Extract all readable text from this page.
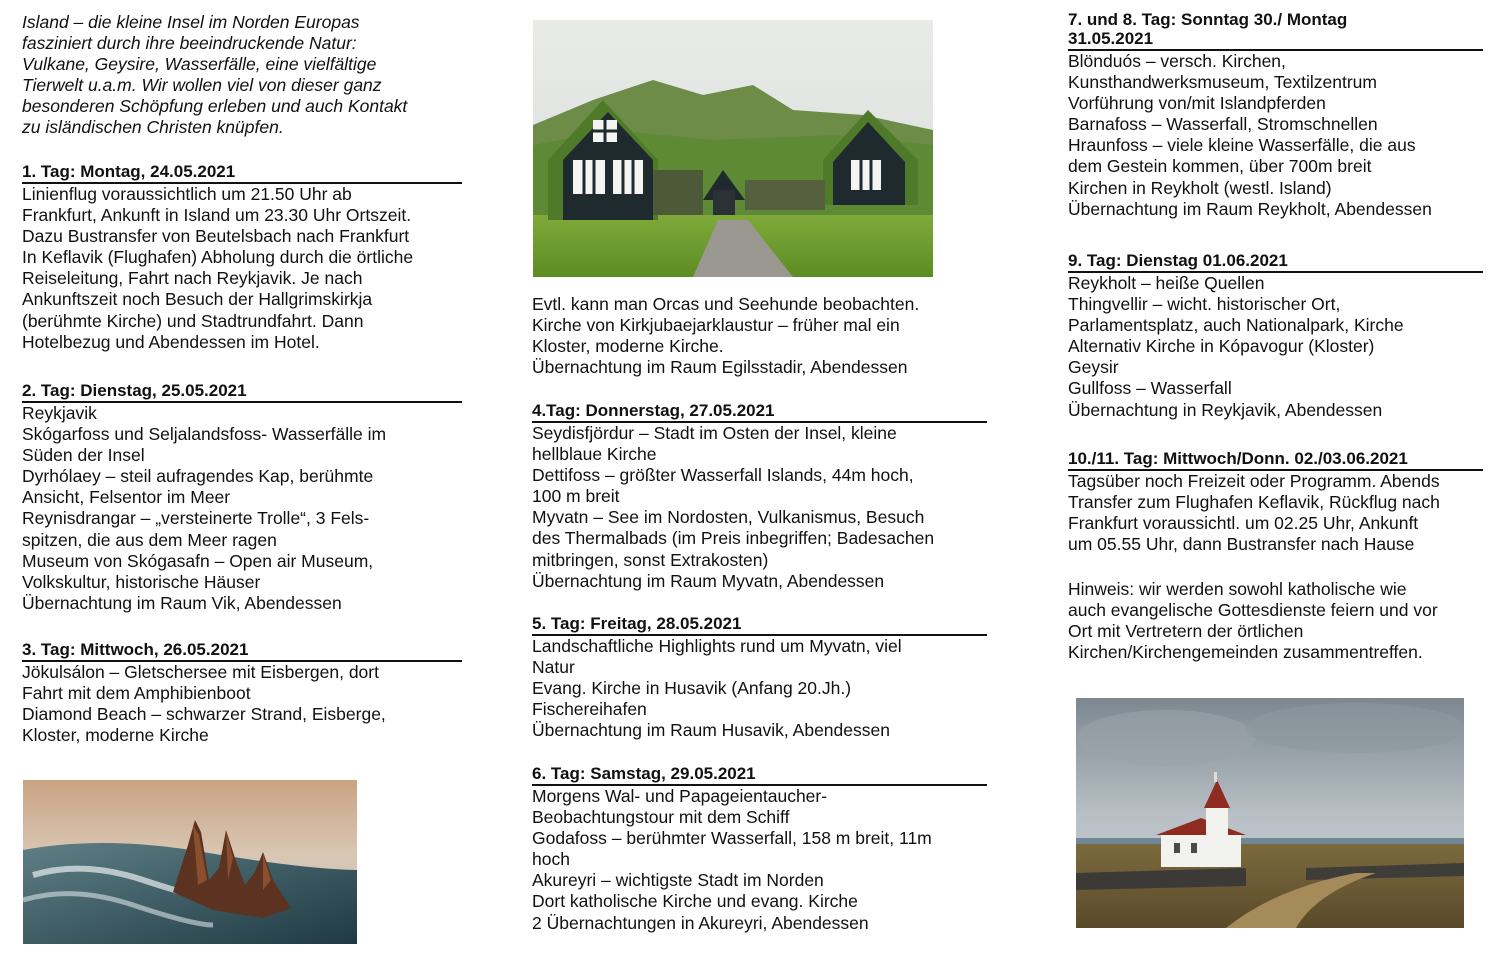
Island – die kleine Insel im Norden Europas
fasziniert durch ihre beeindruckende Natur:
Vulkane, Geysire, Wasserfälle, eine vielfältige
Tierwelt u.a.m. Wir wollen viel von dieser ganz
besonderen Schöpfung erleben und auch Kontakt
zu isländischen Christen knüpfen.
1. Tag: Montag, 24.05.2021
Linienflug voraussichtlich um 21.50 Uhr ab
Frankfurt, Ankunft in Island um 23.30 Uhr Ortszeit.
Dazu Bustransfer von Beutelsbach nach Frankfurt
In Keflavik (Flughafen) Abholung durch die örtliche
Reiseleitung, Fahrt nach Reykjavik. Je nach
Ankunftszeit noch Besuch der Hallgrimskirkja
(berühmte Kirche) und Stadtrundfahrt. Dann
Hotelbezug und Abendessen im Hotel.
2. Tag: Dienstag, 25.05.2021
Reykjavik
Skógarfoss und Seljalandsfoss- Wasserfälle im
Süden der Insel
Dyrhólaey – steil aufragendes Kap, berühmte
Ansicht, Felsentor im Meer
Reynisdrangar – „versteinerte Trolle“, 3 Fels-
spitzen, die aus dem Meer ragen
Museum von Skógasafn – Open air Museum,
Volkskultur, historische Häuser
Übernachtung im Raum Vik, Abendessen
3. Tag: Mittwoch, 26.05.2021
Jökulsálon – Gletschersee mit Eisbergen, dort
Fahrt mit dem Amphibienboot
Diamond Beach – schwarzer Strand, Eisberge,
Kloster, moderne Kirche
Evtl. kann man Orcas und Seehunde beobachten.
Kirche von Kirkjubaejarklaustur – früher mal ein
Kloster, moderne Kirche.
Übernachtung im Raum Egilsstadir, Abendessen
4.Tag: Donnerstag, 27.05.2021
Seydisfjördur – Stadt im Osten der Insel, kleine
hellblaue Kirche
Dettifoss – größter Wasserfall Islands, 44m hoch,
100 m breit
Myvatn – See im Nordosten, Vulkanismus, Besuch
des Thermalbads (im Preis inbegriffen; Badesachen
mitbringen, sonst Extrakosten)
Übernachtung im Raum Myvatn, Abendessen
5. Tag: Freitag, 28.05.2021
Landschaftliche Highlights rund um Myvatn, viel
Natur
Evang. Kirche in Husavik (Anfang 20.Jh.)
Fischereihafen
Übernachtung im Raum Husavik, Abendessen
6. Tag: Samstag, 29.05.2021
Morgens Wal- und Papageientaucher-
Beobachtungstour mit dem Schiff
Godafoss – berühmter Wasserfall, 158 m breit, 11m
hoch
Akureyri – wichtigste Stadt im Norden
Dort katholische Kirche und evang. Kirche
2 Übernachtungen in Akureyri, Abendessen
7. und 8. Tag: Sonntag 30./ Montag
31.05.2021
Blönduós – versch. Kirchen,
Kunsthandwerksmuseum, Textilzentrum
Vorführung von/mit Islandpferden
Barnafoss – Wasserfall, Stromschnellen
Hraunfoss – viele kleine Wasserfälle, die aus
dem Gestein kommen, über 700m breit
Kirchen in Reykholt (westl. Island)
Übernachtung im Raum Reykholt, Abendessen
9. Tag: Dienstag 01.06.2021
Reykholt – heiße Quellen
Thingvellir – wicht. historischer Ort,
Parlamentsplatz, auch Nationalpark, Kirche
Alternativ Kirche in Kópavogur (Kloster)
Geysir
Gullfoss – Wasserfall
Übernachtung in Reykjavik, Abendessen
10./11. Tag: Mittwoch/Donn. 02./03.06.2021
Tagsüber noch Freizeit oder Programm. Abends
Transfer zum Flughafen Keflavik, Rückflug nach
Frankfurt voraussichtl. um 02.25 Uhr, Ankunft
um 05.55 Uhr, dann Bustransfer nach Hause
Hinweis: wir werden sowohl katholische wie
auch evangelische Gottesdienste feiern und vor
Ort mit Vertretern der örtlichen
Kirchen/Kirchengemeinden zusammentreffen.
